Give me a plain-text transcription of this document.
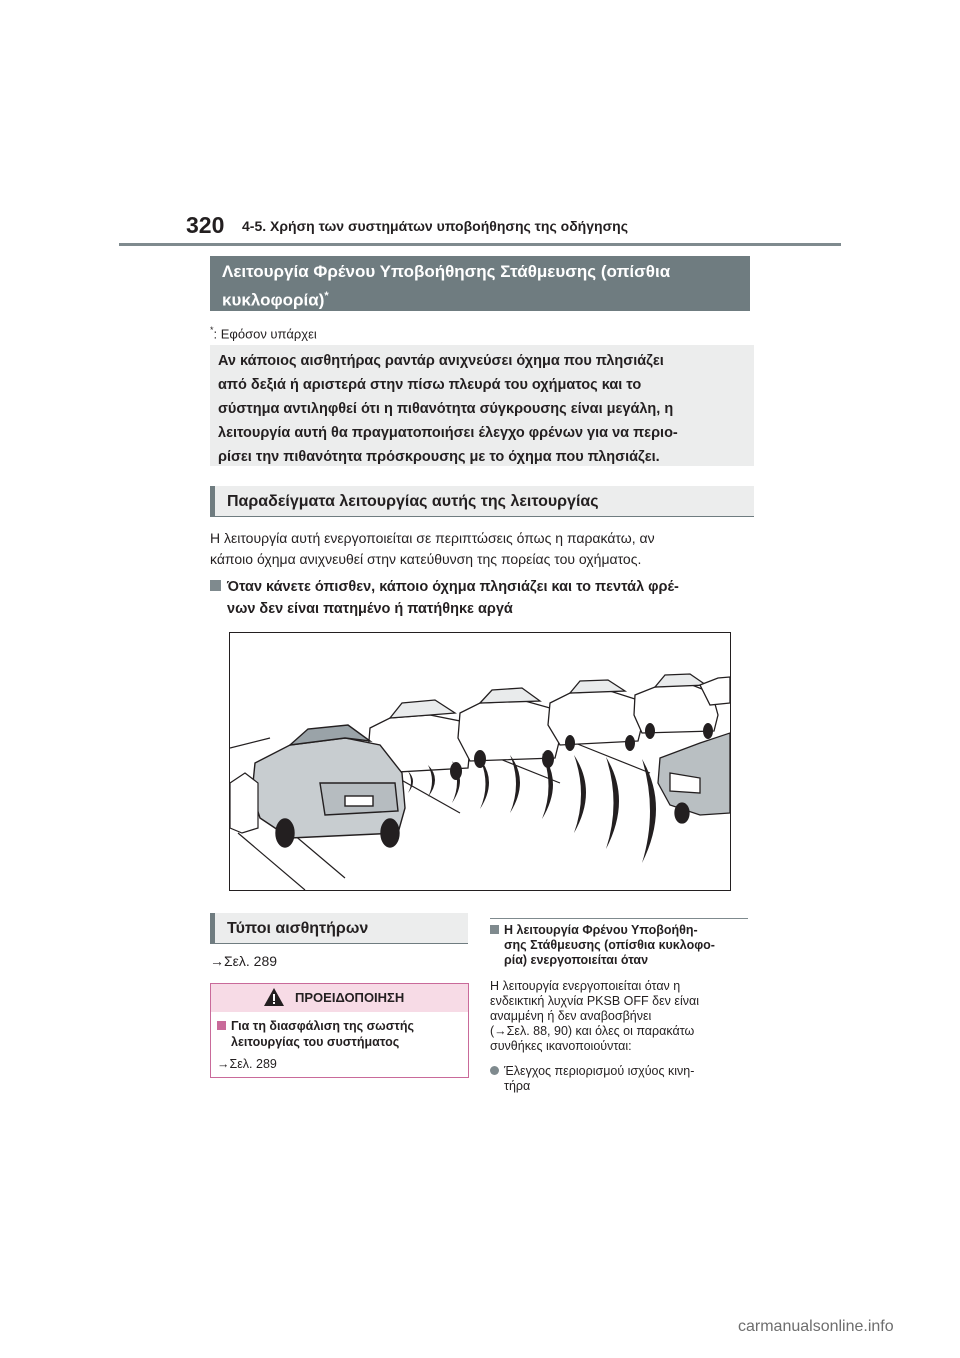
320 4-5. Χρήση των συστημάτων υποβοήθησης της οδήγησης
Λειτουργία Φρένου Υποβοήθησης Στάθμευσης (οπίσθια
κυκλοφορία)*
*: Εφόσον υπάρχει
Αν κάποιος αισθητήρας ραντάρ ανιχνεύσει όχημα που πλησιάζει
από δεξιά ή αριστερά στην πίσω πλευρά του οχήματος και το
σύστημα αντιληφθεί ότι η πιθανότητα σύγκρουσης είναι μεγάλη, η
λειτουργία αυτή θα πραγματοποιήσει έλεγχο φρένων για να περιο-
ρίσει την πιθανότητα πρόσκρουσης με το όχημα που πλησιάζει.
Παραδείγματα λειτουργίας αυτής της λειτουργίας
Η λειτουργία αυτή ενεργοποιείται σε περιπτώσεις όπως η παρακάτω, αν
κάποιο όχημα ανιχνευθεί στην κατεύθυνση της πορείας του οχήματος.
Όταν κάνετε όπισθεν, κάποιο όχημα πλησιάζει και το πεντάλ φρέ-
νων δεν είναι πατημένο ή πατήθηκε αργά
Τύποι αισθητήρων
→Σελ. 289
ΠΡΟΕΙΔΟΠΟΙΗΣΗ
Για τη διασφάλιση της σωστής
λειτουργίας του συστήματος
→Σελ. 289
Η λειτουργία Φρένου Υποβοήθη-
σης Στάθμευσης (οπίσθια κυκλοφο-
ρία) ενεργοποιείται όταν
Η λειτουργία ενεργοποιείται όταν η
ενδεικτική λυχνία PKSB OFF δεν είναι
αναμμένη ή δεν αναβοσβήνει
(→Σελ. 88, 90) και όλες οι παρακάτω
συνθήκες ικανοποιούνται:
Έλεγχος περιορισμού ισχύος κινη-
τήρα
carmanualsonline.info
